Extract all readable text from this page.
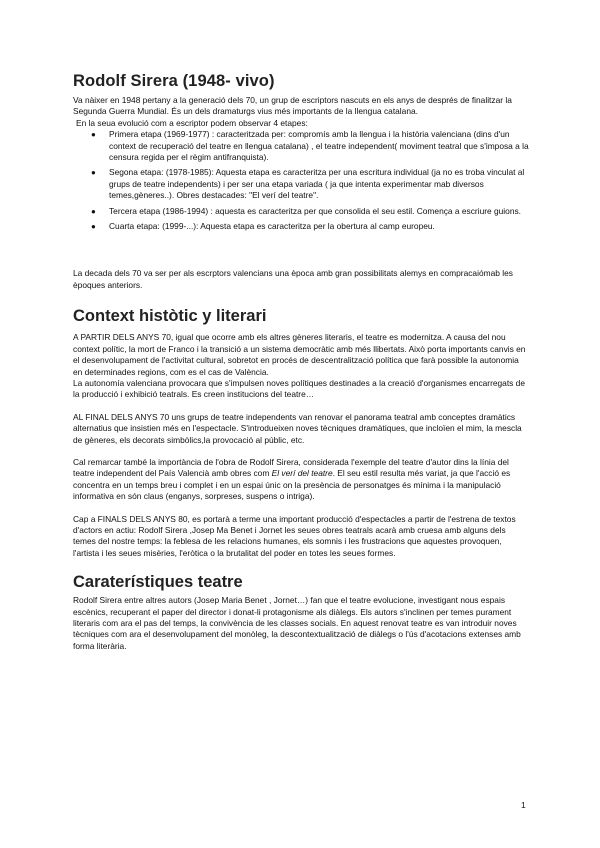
Rodolf Sirera (1948- vivo)

Va nàixer en 1948 pertany a la generació dels 70, un grup de escriptors nascuts en els anys de després de finalitzar la Segunda Guerra Mundial. És un dels dramaturgs vius més importants de la llengua catalana.

En la seua evolució com a escriptor podem observar 4 etapes:

● Primera etapa (1969-1977) : caracteritzada per: compromís amb la llengua i la història valenciana (dins d'un context de recuperació del teatre en llengua catalana) , el teatre independent( moviment teatral que s'imposa a la censura regida per el règim antifranquista).
● Segona etapa: (1978-1985): Aquesta etapa es caracteritza per una escritura individual (ja no es troba vinculat al grups de teatre independents) i per ser una etapa variada ( ja que intenta experimentar mab diversos temes,gèneres..). Obres destacades: "El verí del teatre".
● Tercera etapa (1986-1994) : aquesta es caracteritza per que consolida el seu estil. Comença a escriure guions.
● Cuarta etapa: (1999-...): Aquesta etapa es caracteritza per la obertura al camp europeu.

La decada dels 70 va ser per als escrptors valencians una època amb gran possibilitats alemys en compracaiómab les èpoques anteriors.

Context històtic y literari

A PARTIR DELS ANYS 70, igual que ocorre amb els altres gèneres literaris, el teatre es modernitza. A causa del nou context polític, la mort de Franco i la transició a un sistema democràtic amb més llibertats. Això porta importants canvis en el desenvolupament de l'activitat cultural, sobretot en procés de descentralització política que farà possible la autonomia en determinades regions, com es el cas de València.

La autonomía valenciana provocara que s'impulsen noves polítiques destinades a la creació d'organismes encarregats de la producció i exhibició teatrals. Es creen institucions del teatre…

AL FINAL DELS ANYS 70 uns grups de teatre independents van renovar el panorama teatral amb conceptes dramàtics alternatius que insistien més en l'espectacle. S'introdueixen noves tècniques dramàtiques, que incloïen el mim, la mescla de gèneres, els decorats simbòlics,la provocació al públic, etc.

Cal remarcar també la importància de l'obra de Rodolf Sirera, considerada l'exemple del teatre d'autor dins la línia del teatre independent del País Valencià amb obres com El verí del teatre. El seu estil resulta més variat, ja que l'acció es concentra en un temps breu i complet i en un espai únic on la presència de personatges és mínima i la manipulació informativa en són claus (enganys, sorpreses, suspens o intriga).

Cap a FINALS DELS ANYS 80, es portarà a terme una important producció d'espectacles a partir de l'estrena de textos d'actors en actiu: Rodolf Sirera ,Josep Ma Benet i Jornet les seues obres teatrals acarà amb cruesa amb alguns dels temes del nostre temps: la feblesa de les relacions humanes, els somnis i les frustracions que aquestes provoquen, l'artista i les seues misèries, l'eròtica o la brutalitat del poder en totes les seues formes.

Caraterístiques teatre

Rodolf Sirera entre altres autors (Josep Maria Benet , Jornet…) fan que el teatre evolucione, investigant nous espais escènics, recuperant el paper del director i donat-li protagonisme als diàlegs. Els autors s'inclinen per temes purament literaris com ara el pas del temps, la convivència de les classes socials. En aquest renovat teatre es van introduir noves tècniques com ara el desenvolupament del monòleg, la descontextualització de diàlegs o l'ús d'acotacions extenses amb forma literària.

1
